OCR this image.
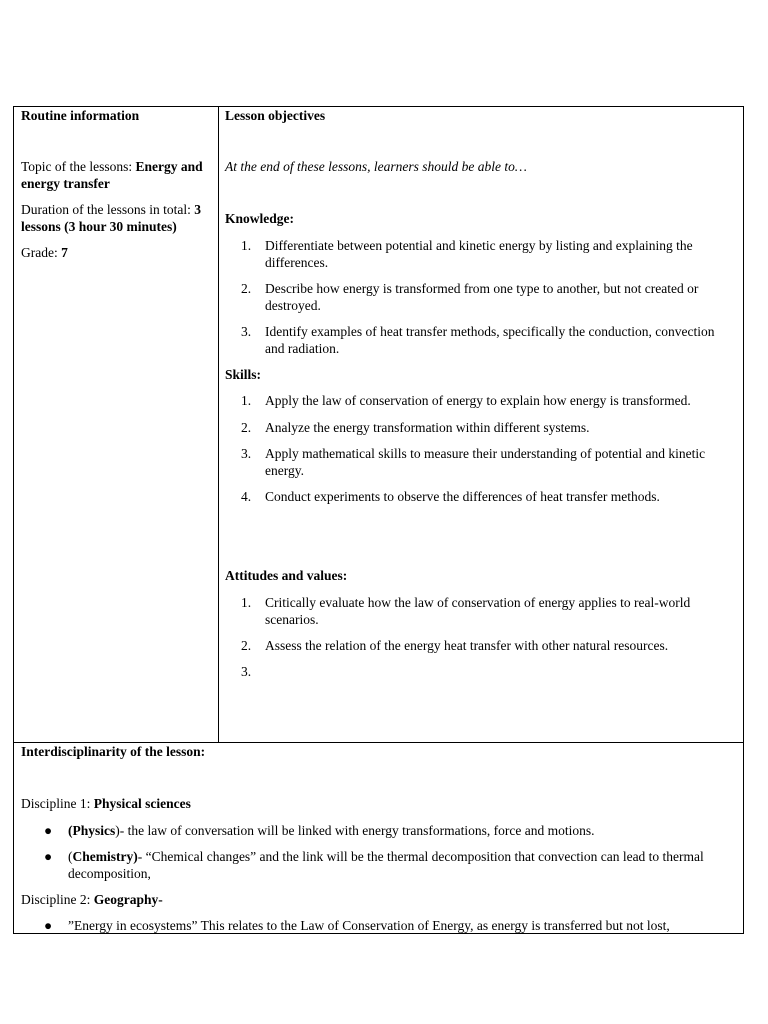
Routine information
Topic of the lessons: Energy and energy transfer
Duration of the lessons in total: 3 lessons (3 hour 30 minutes)
Grade: 7
Lesson objectives
At the end of these lessons, learners should be able to…
Knowledge:
1.	Differentiate between potential and kinetic energy by listing and explaining the differences.
2.	Describe how energy is transformed from one type to another, but not created or destroyed.
3.	Identify examples of heat transfer methods, specifically the conduction, convection and radiation.
Skills:
1.	Apply the law of conservation of energy to explain how energy is transformed.
2.	Analyze the energy transformation within different systems.
3.	Apply mathematical skills to measure their understanding of potential and kinetic energy.
4.	Conduct experiments to observe the differences of heat transfer methods.
Attitudes and values:
1.	Critically evaluate how the law of conservation of energy applies to real-world scenarios.
2.	Assess the relation of the energy heat transfer with other natural resources.
3.
Interdisciplinarity of the lesson:
Discipline 1: Physical sciences
● (Physics)- the law of conversation will be linked with energy transformations, force and motions.
● (Chemistry)- “Chemical changes” and the link will be the thermal decomposition that convection can lead to thermal decomposition,
Discipline 2: Geography-
● ”Energy in ecosystems” This relates to the Law of Conservation of Energy, as energy is transferred but not lost,
